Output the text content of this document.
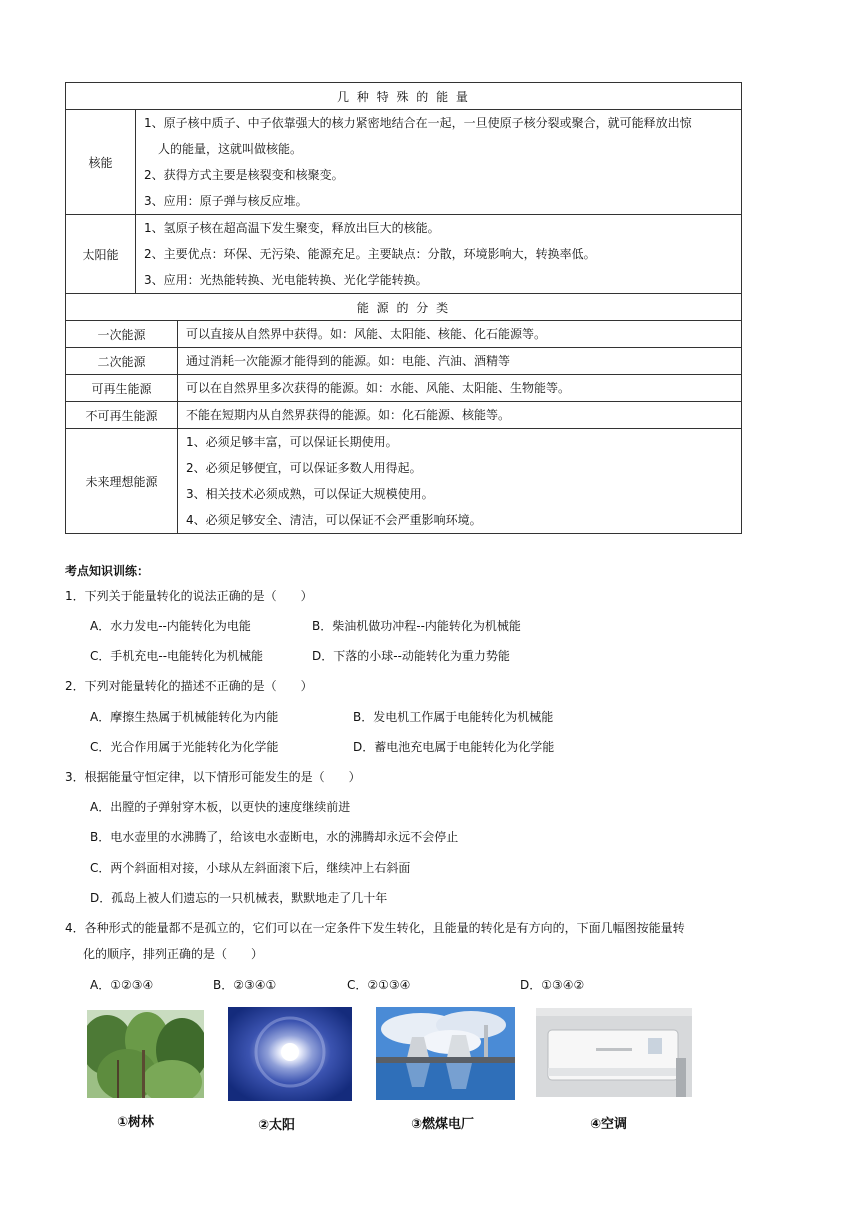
几 种 特 殊 的 能 量		
核能	1、原子核中质子、中子依靠强大的核力紧密地结合在一起，一旦使原子核分裂或聚合，就可能释放出惊
人的能量，这就叫做核能。
2、获得方式主要是核裂变和核聚变。
3、应用：原子弹与核反应堆。	

太阳能	1、氢原子核在超高温下发生聚变，释放出巨大的核能。
2、主要优点：环保、无污染、能源充足。主要缺点：分散，环境影响大，转换率低。
3、应用：光热能转换、光电能转换、光化学能转换。	

能 源 的 分 类		
一次能源		可以直接从自然界中获得。如：风能、太阳能、核能、化石能源等。
二次能源		通过消耗一次能源才能得到的能源。如：电能、汽油、酒精等
可再生能源		可以在自然界里多次获得的能源。如：水能、风能、太阳能、生物能等。
不可再生能源		不能在短期内从自然界获得的能源。如：化石能源、核能等。
未来理想能源		1、必须足够丰富，可以保证长期使用。
2、必须足够便宜，可以保证多数人用得起。
3、相关技术必须成熟，可以保证大规模使用。
4、必须足够安全、清洁，可以保证不会严重影响环境。
考点知识训练：
1．下列关于能量转化的说法正确的是（　　）
A．水力发电--内能转化为电能	B．柴油机做功冲程--内能转化为机械能
C．手机充电--电能转化为机械能	D．下落的小球--动能转化为重力势能
2．下列对能量转化的描述不正确的是（　　）
A．摩擦生热属于机械能转化为内能	B．发电机工作属于电能转化为机械能
C．光合作用属于光能转化为化学能	D．蓄电池充电属于电能转化为化学能
3．根据能量守恒定律，以下情形可能发生的是（　　）
A．出膛的子弹射穿木板，以更快的速度继续前进
B．电水壶里的水沸腾了，给该电水壶断电，水的沸腾却永远不会停止
C．两个斜面相对接，小球从左斜面滚下后，继续冲上右斜面
D．孤岛上被人们遗忘的一只机械表，默默地走了几十年
4．各种形式的能量都不是孤立的，它们可以在一定条件下发生转化，且能量的转化是有方向的，下面几幅图按能量转
化的顺序，排列正确的是（　　）
A．①②③④	B．②③④①	C．②①③④	D．①③④②
①树林	②太阳	③燃煤电厂	④空调
